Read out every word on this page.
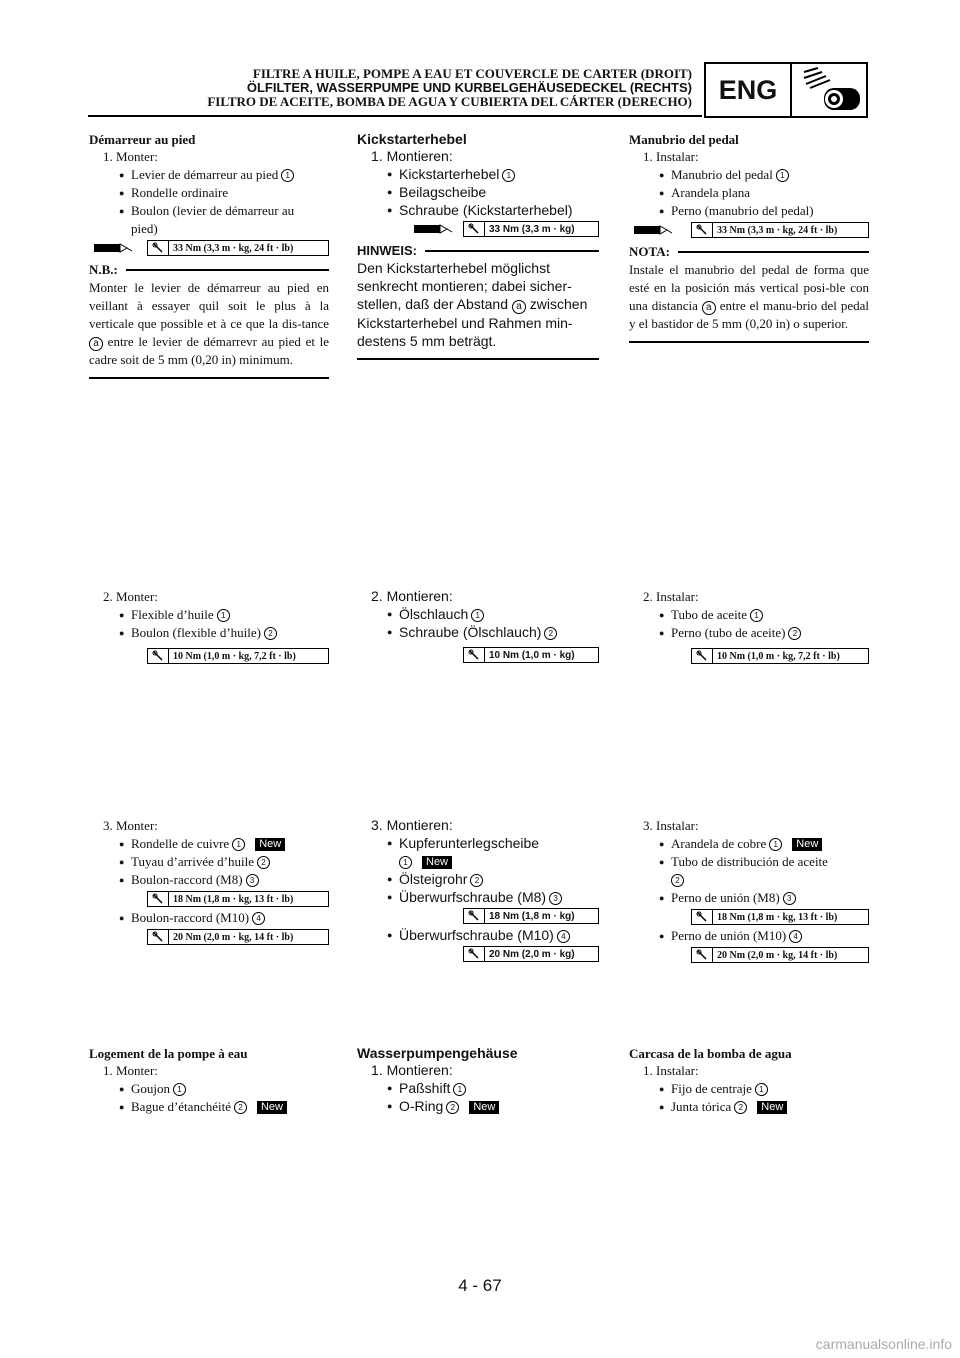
FILTRE A HUILE, POMPE A EAU ET COUVERCLE DE CARTER (DROIT)
ÖLFILTER, WASSERPUMPE UND KURBELGEHÄUSEDECKEL (RECHTS)
FILTRO DE ACEITE, BOMBA DE AGUA Y CUBIERTA DEL CÁRTER (DERECHO) ENG
Démarreur au pied
1. Monter:
● Levier de démarreur au pied 1
● Rondelle ordinaire
● Boulon (levier de démarreur au
pied)
33 Nm (3,3 m · kg, 24 ft · lb)
N.B.:
Monter le levier de démarreur au pied en veillant à essayer quil soit le plus à la verticale que possible et à ce que la dis-tance a entre le levier de démarrevr au pied et le cadre soit de 5 mm (0,20 in) minimum.
2. Monter:
● Flexible d’huile 1
● Boulon (flexible d’huile) 2
10 Nm (1,0 m · kg, 7,2 ft · lb)
3. Monter:
● Rondelle de cuivre 1 New
● Tuyau d’arrivée d’huile 2
● Boulon-raccord (M8) 3
18 Nm (1,8 m · kg, 13 ft · lb)
● Boulon-raccord (M10) 4
20 Nm (2,0 m · kg, 14 ft · lb)
Logement de la pompe à eau
1. Monter:
● Goujon 1
● Bague d’étanchéité 2 New
Kickstarterhebel
1. Montieren:
● Kickstarterhebel 1
● Beilagscheibe
● Schraube (Kickstarterhebel)
33 Nm (3,3 m · kg)
HINWEIS:
Den Kickstarterhebel möglichst senkrecht montieren; dabei sicher-stellen, daß der Abstand a zwischen Kickstarterhebel und Rahmen min-destens 5 mm beträgt.
2. Montieren:
● Ölschlauch 1
● Schraube (Ölschlauch) 2
10 Nm (1,0 m · kg)
3. Montieren:
● Kupferunterlegscheibe
1 New
● Ölsteigrohr 2
● Überwurfschraube (M8) 3
18 Nm (1,8 m · kg)
● Überwurfschraube (M10) 4
20 Nm (2,0 m · kg)
Wasserpumpengehäuse
1. Montieren:
● Paßshift 1
● O-Ring 2 New
Manubrio del pedal
1. Instalar:
● Manubrio del pedal 1
● Arandela plana
● Perno (manubrio del pedal)
33 Nm (3,3 m · kg, 24 ft · lb)
NOTA:
Instale el manubrio del pedal de forma que esté en la posición más vertical posi-ble con una distancia a entre el manu-brio del pedal y el bastidor de 5 mm (0,20 in) o superior.
2. Instalar:
● Tubo de aceite 1
● Perno (tubo de aceite) 2
10 Nm (1,0 m · kg, 7,2 ft · lb)
3. Instalar:
● Arandela de cobre 1 New
● Tubo de distribución de aceite
2
● Perno de unión (M8) 3
18 Nm (1,8 m · kg, 13 ft · lb)
● Perno de unión (M10) 4
20 Nm (2,0 m · kg, 14 ft · lb)
Carcasa de la bomba de agua
1. Instalar:
● Fijo de centraje 1
● Junta tórica 2 New
4 - 67
carmanualsonline.info
